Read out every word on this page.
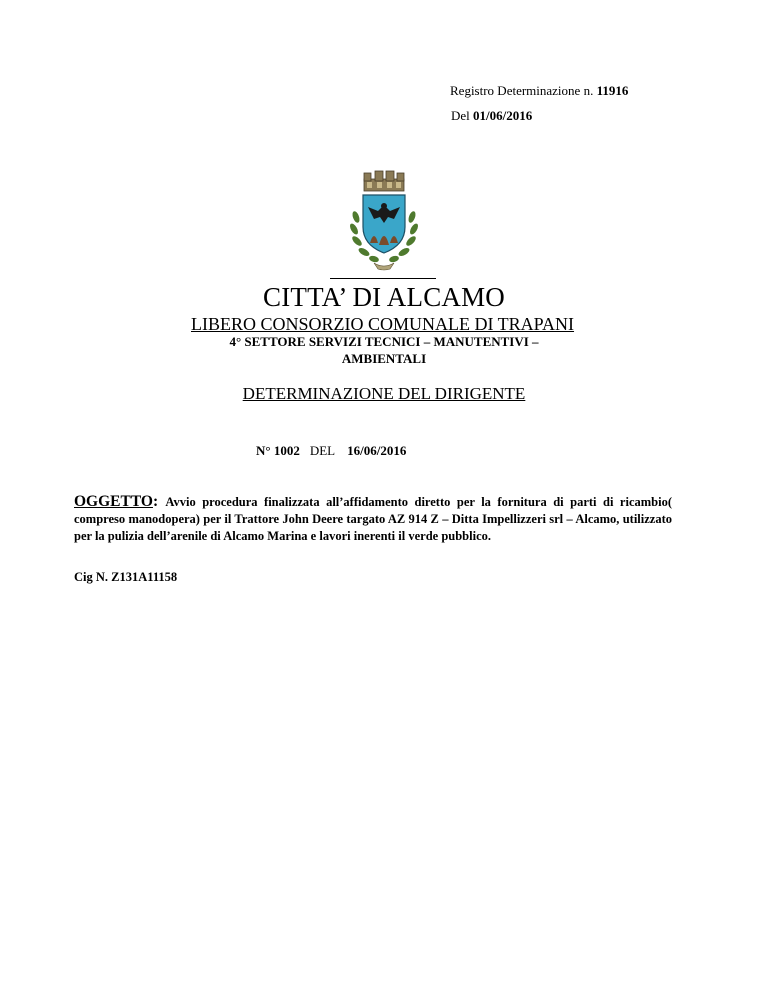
Registro Determinazione n. 11916
Del 01/06/2016
CITTA’ DI ALCAMO
LIBERO CONSORZIO COMUNALE DI TRAPANI
4° SETTORE SERVIZI TECNICI – MANUTENTIVI –
AMBIENTALI
DETERMINAZIONE DEL DIRIGENTE
N° 1002 DEL 16/06/2016
OGGETTO: Avvio procedura finalizzata all’affidamento diretto per la fornitura di parti di ricambio( compreso manodopera) per il Trattore John Deere targato AZ 914 Z – Ditta Impellizzeri srl – Alcamo, utilizzato per la pulizia dell’arenile di Alcamo Marina e lavori inerenti il verde pubblico.
Cig N. Z131A11158
